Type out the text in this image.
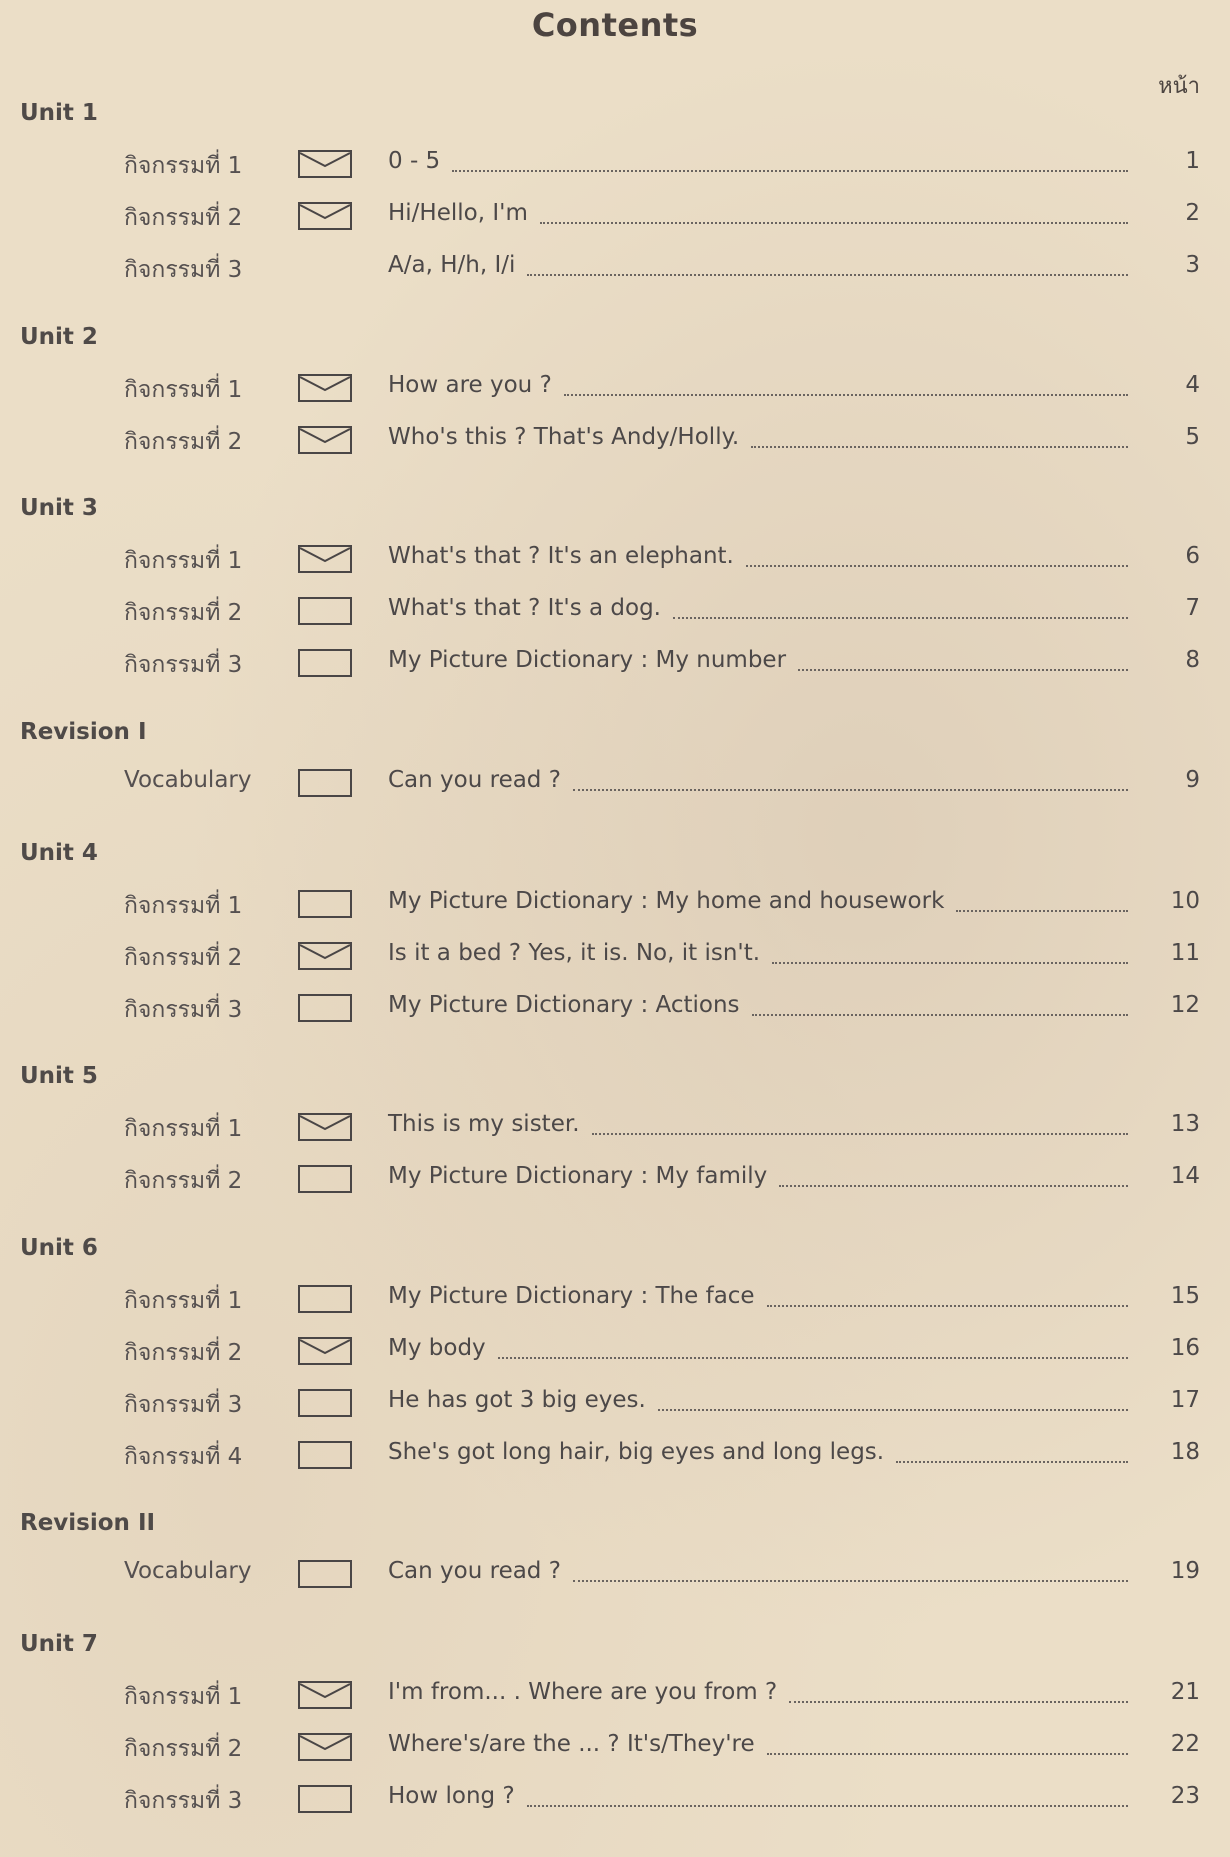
Contents
หน้า
Unit 1
กิจกรรมที่ 1	0 - 5	1
กิจกรรมที่ 2	Hi/Hello, I'm	2
กิจกรรมที่ 3	A/a, H/h, I/i	3
Unit 2
กิจกรรมที่ 1	How are you ?	4
กิจกรรมที่ 2	Who's this ? That's Andy/Holly.	5
Unit 3
กิจกรรมที่ 1	What's that ? It's an elephant.	6
กิจกรรมที่ 2	What's that ? It's a dog.	7
กิจกรรมที่ 3	My Picture Dictionary : My number	8
Revision I
Vocabulary	Can you read ?	9
Unit 4
กิจกรรมที่ 1	My Picture Dictionary : My home and housework	10
กิจกรรมที่ 2	Is it a bed ? Yes, it is. No, it isn't.	11
กิจกรรมที่ 3	My Picture Dictionary : Actions	12
Unit 5
กิจกรรมที่ 1	This is my sister.	13
กิจกรรมที่ 2	My Picture Dictionary : My family	14
Unit 6
กิจกรรมที่ 1	My Picture Dictionary : The face	15
กิจกรรมที่ 2	My body	16
กิจกรรมที่ 3	He has got 3 big eyes.	17
กิจกรรมที่ 4	She's got long hair, big eyes and long legs.	18
Revision II
Vocabulary	Can you read ?	19
Unit 7
กิจกรรมที่ 1	I'm from... . Where are you from ?	21
กิจกรรมที่ 2	Where's/are the ... ? It's/They're	22
กิจกรรมที่ 3	How long ?	23
